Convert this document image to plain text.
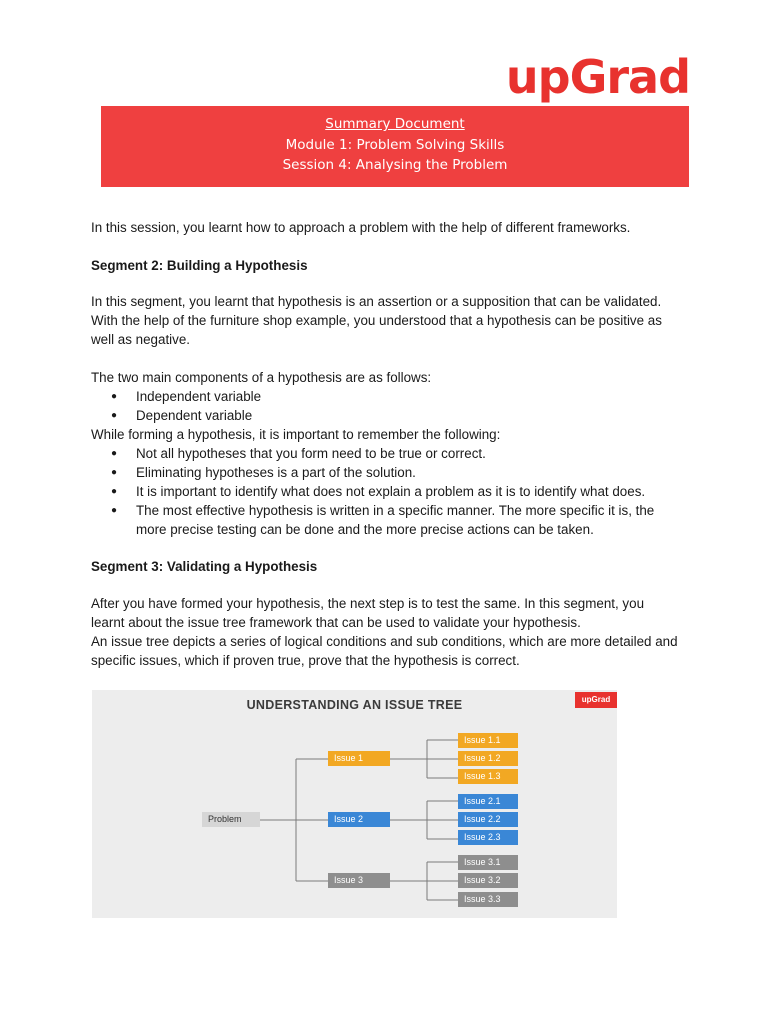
upGrad
Summary Document
Module 1: Problem Solving Skills
Session 4: Analysing the Problem

In this session, you learnt how to approach a problem with the help of different frameworks.

Segment 2: Building a Hypothesis

In this segment, you learnt that hypothesis is an assertion or a supposition that can be validated. With the help of the furniture shop example, you understood that a hypothesis can be positive as well as negative.

The two main components of a hypothesis are as follows:

● Independent variable
● Dependent variable

While forming a hypothesis, it is important to remember the following:

● Not all hypotheses that you form need to be true or correct.
● Eliminating hypotheses is a part of the solution.
● It is important to identify what does not explain a problem as it is to identify what does.
● The most effective hypothesis is written in a specific manner. The more specific it is, the more precise testing can be done and the more precise actions can be taken.

Segment 3: Validating a Hypothesis

After you have formed your hypothesis, the next step is to test the same. In this segment, you learnt about the issue tree framework that can be used to validate your hypothesis.

An issue tree depicts a series of logical conditions and sub conditions, which are more detailed and specific issues, which if proven true, prove that the hypothesis is correct.

UNDERSTANDING AN ISSUE TREE	upGrad
Problem
Issue 1
Issue 2
Issue 3
Issue 1.1
Issue 1.2
Issue 1.3
Issue 2.1
Issue 2.2
Issue 2.3
Issue 3.1
Issue 3.2
Issue 3.3
